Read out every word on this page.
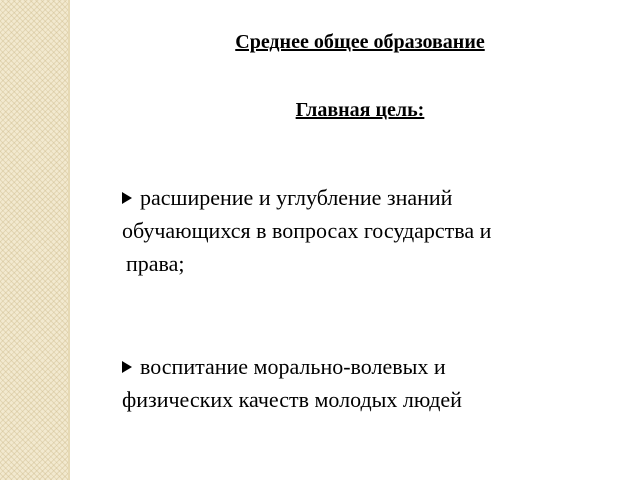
Среднее общее образование
Главная цель:
расширение и углубление знаний
обучающихся в вопросах государства и
права;
воспитание морально-волевых и
физических качеств молодых людей
